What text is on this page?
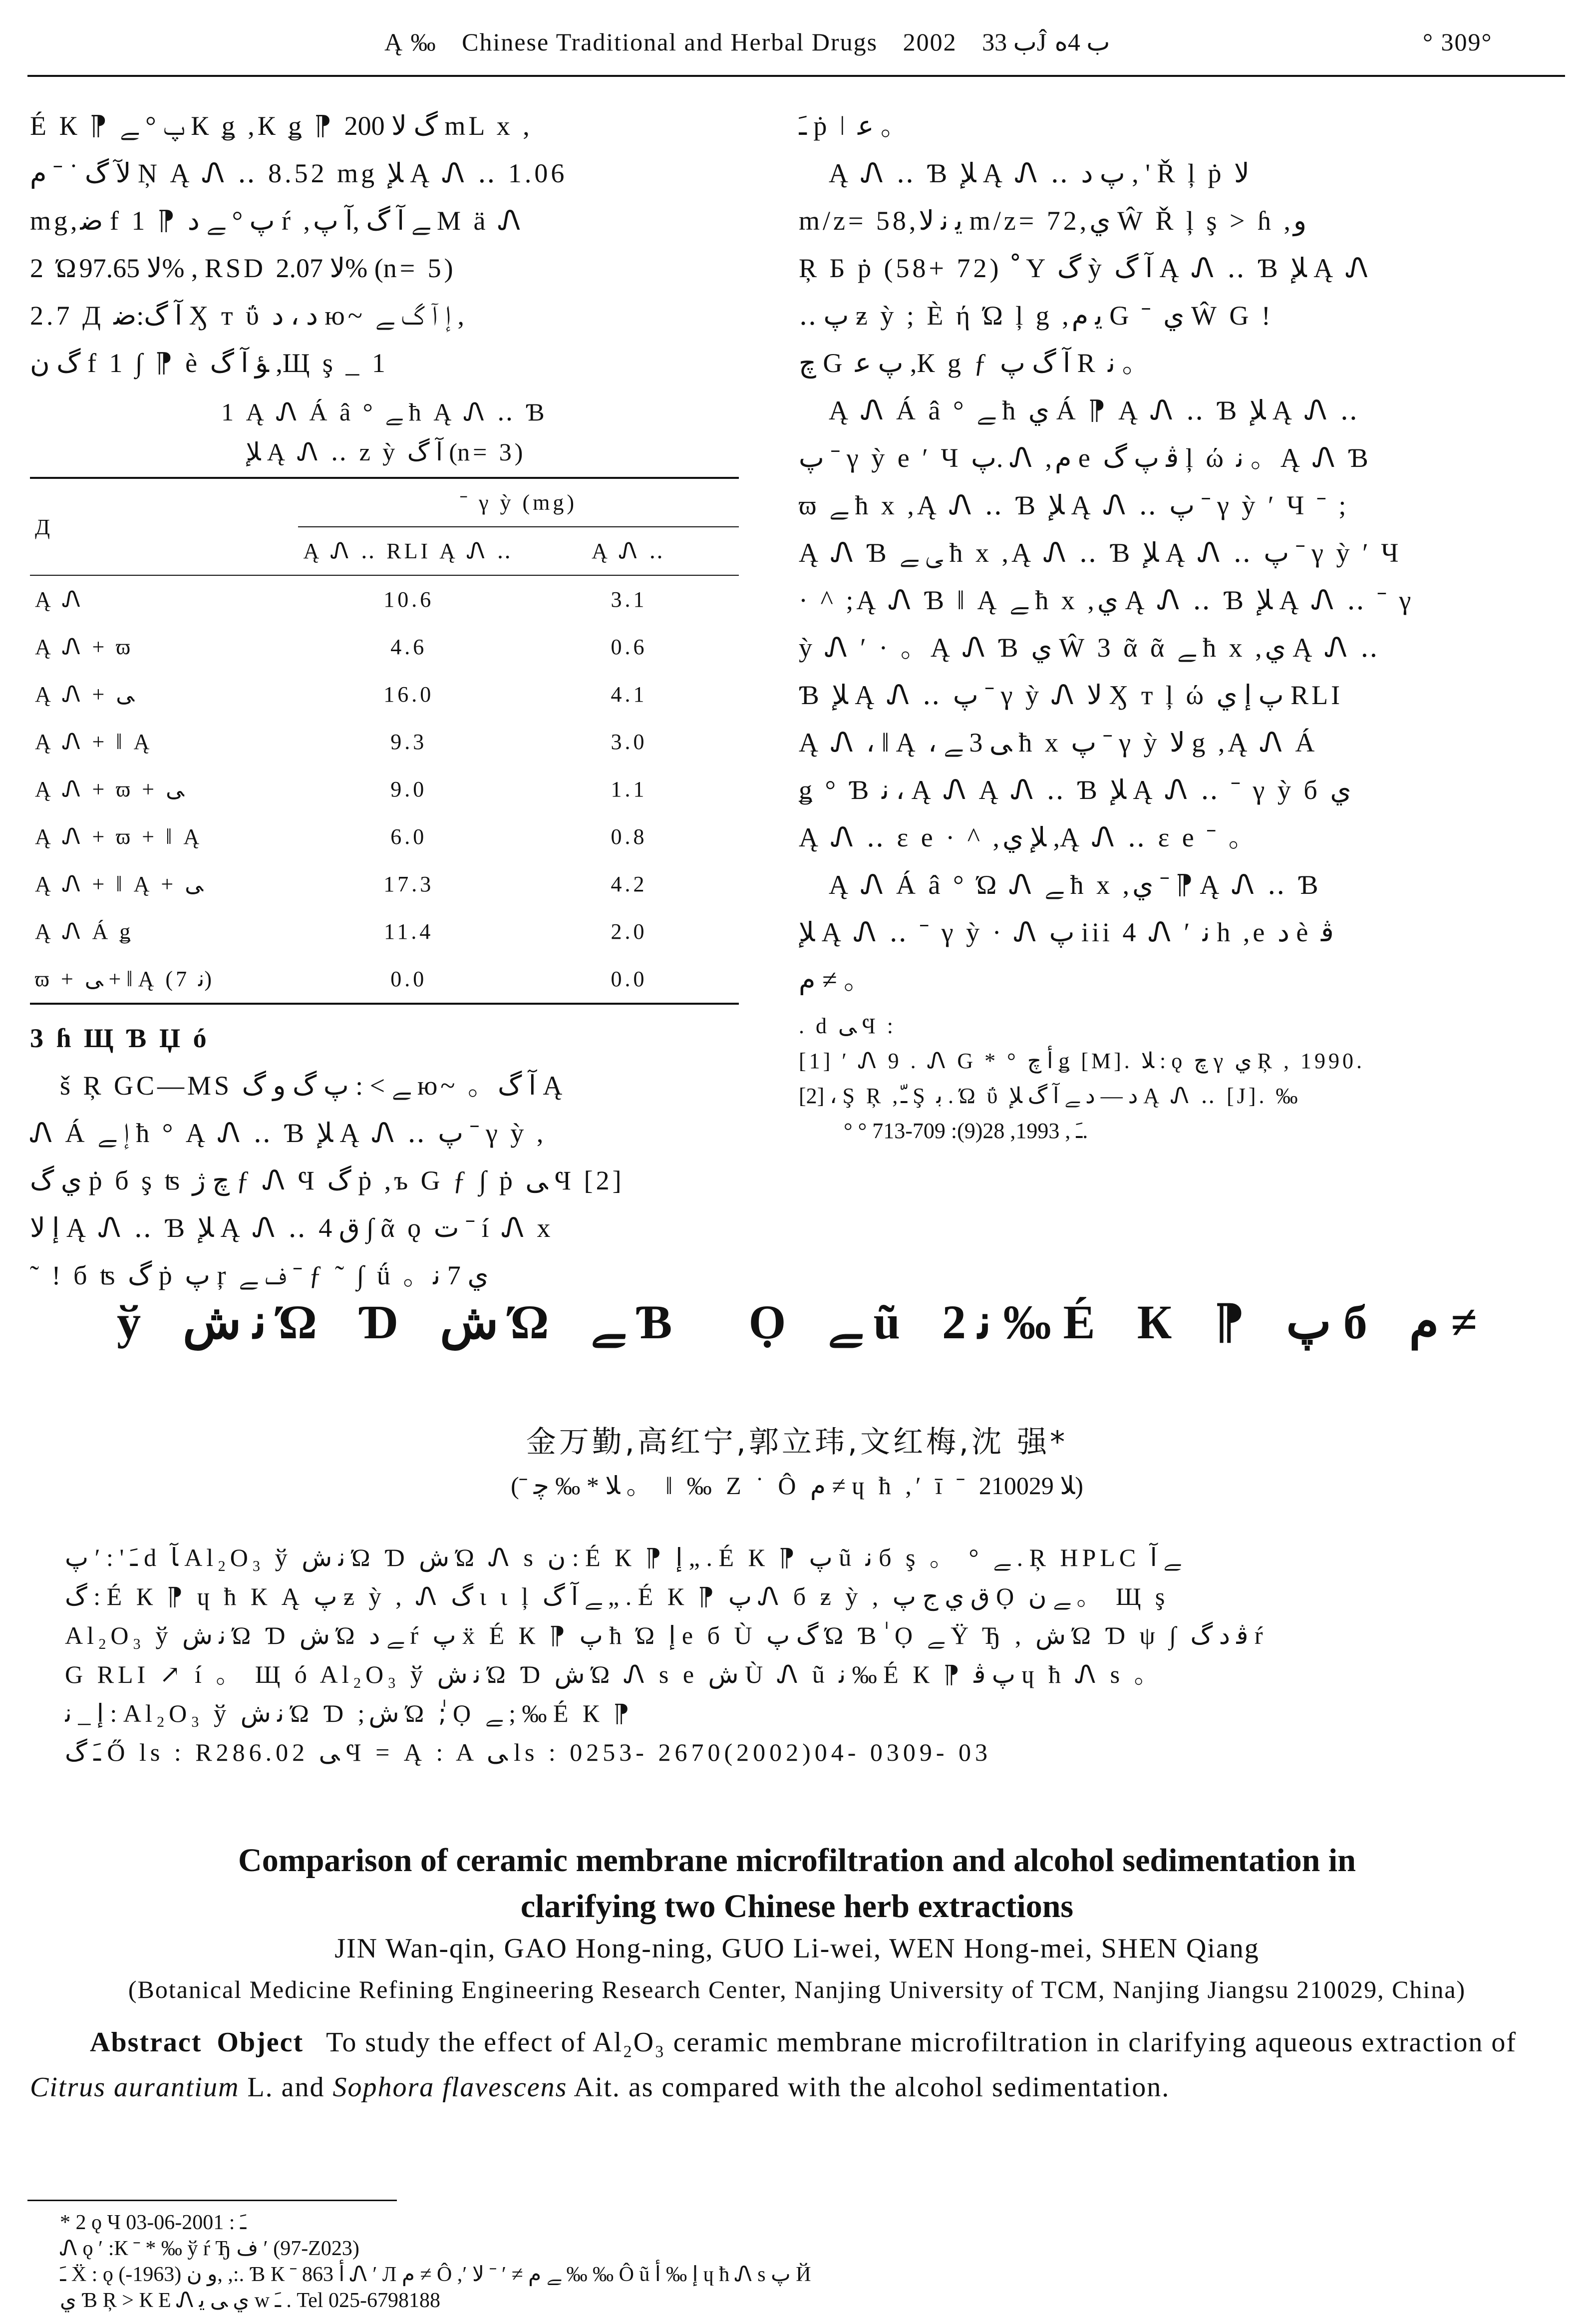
Ą ‰ Chinese Traditional and Herbal Drugs 2002 ب 33Ĵ ب 4ﻩ	° 309°
É К ⁋ پ ° ﮯ К ǥ ,К ǥ ⁋ ﮒ ﻻ 200 mL x ,
ﻵ ﮒ ˙ ˉ ﻡ Ņ Ą Ꮑ ‥ 8.52 mg ﻺ Ą Ꮑ ‥ 1.06
mg,ﺿ f 1 ⁋ پ ° ﮯ ﺩ ŕ ,ﮯ ﺁ ﮒ ,ﺁ پ М ä Ꮑ
2 Ώﻻ 97.65% , RSD ﻻ 2.07% (n= 5)
2.7 Д ﺁ ﮒ:ﺿ Ӽ т ΰ ﺩ ، ﺩ ю~ ﺇ ﺁ ﮒ ﮯ ,
ﮒ ﻥ f 1 ∫ ⁋ è ﺆ ﺁ ﮒ ,Щ ş _ 1
1 Ą Ꮑ Á â ° ﮯ ħ Ą Ꮑ ‥ Ɓ
ﻺ Ą Ꮑ ‥ z ỳ ﺁ ﮒ (n= 3)
Д	ˉ γ ỳ (mg)	
	Ą Ꮑ ‥ RLI Ą Ꮑ ‥	Ą Ꮑ ‥
Ą Ꮑ	10.6	3.1
Ą Ꮑ + ϖ	4.6	0.6
Ą Ꮑ + ﻰ	16.0	4.1
Ą Ꮑ + ‖ Ą	9.3	3.0
Ą Ꮑ + ϖ + ﻰ	9.0	1.1
Ą Ꮑ + ϖ + ‖ Ą	6.0	0.8
Ą Ꮑ + ‖ Ą + ﻰ	17.3	4.2
Ą Ꮑ Á ǥ	11.4	2.0
ϖ + ﻰ + ‖ Ą (7 ﻧ)	0.0	0.0
3 ɦ Щ Ɓ Џ ó
š Ŗ GC—MS ﮯ > : پ ﮒ و ﮒ ю~ 。ﺁ ﮒ Ą
Ꮑ Á ﺇ ﮯ ħ ° Ą Ꮑ ‥ Ɓ ﻺ Ą Ꮑ ‥ پ ˉ γ ỳ ,
ﻱ ﮒ ṗ б ş ʦ ﭺ ﮊ ƒ Ꮑ Ϥ ﮒ ṗ ,ъ G ƒ ∫ ṗ ﻰ Ϥ [2]
ﺇ ﻻ Ą Ꮑ ‥ Ɓ ﻺ Ą Ꮑ ‥ ﻕ 4 ∫ ᾶ ǫ ﺕ ˉ í Ꮑ x
˜ ! б ʦ ﮒ ṗ پ ŗ ﻑ ﮯ ˉ ƒ ˜ ∫ ǘ 。ﻱ 7 ﻧ
ﹷ ṗ ǀ ﻋ 。
Ą Ꮑ ‥ Ɓ ﻺ Ą Ꮑ ‥ پ ﺩ , ' Ř ļ ṗ ﻻ
m/z= 58,ﻳ ﻧ ﻻ m/z= 72,ﻱ Ŵ Ř ļ ş > ɦ ,و
Ŗ Б ṗ (58+ 72) ﹾ Y ﮒ ỳ ﺁ ﮒ Ą Ꮑ ‥ Ɓ ﻺ Ą Ꮑ
‥ پ ƶ ỳ ; Ѐ ή Ώ ļ g ,ﻳ ﻡ G ˉ ﻱ Ŵ G !
ﭺ G پ ﻋ ,К g ƒ ﺁ ﮒ پ R ﻧ 。
Ą Ꮑ Á â ° ﮯ ħ ﻱ Á ⁋ Ą Ꮑ ‥ Ɓ ﻺ Ą Ꮑ ‥
پ ˉ γ ỳ e ′ Ч پ. Ꮑ ,ﻡ e ﭬ پ ﮒ ļ ώ ﻧ 。Ą Ꮑ Ɓ
ϖ ﮯ ħ x ,Ą Ꮑ ‥ Ɓ ﻺ Ą Ꮑ ‥ پ ˉ γ ỳ ′ Ч ˉ ;
Ą Ꮑ Ɓ ﻰ ﮯ ħ x ,Ą Ꮑ ‥ Ɓ ﻺ Ą Ꮑ ‥ پ ˉ γ ỳ ′ Ч
· ^ ;Ą Ꮑ Ɓ ‖ Ą ﮯ ħ x ,ﻱ Ą Ꮑ ‥ Ɓ ﻺ Ą Ꮑ ‥ ˉ γ
ỳ Ꮑ ′ · 。Ą Ꮑ Ɓ ﻱ Ŵ 3 ᾶ ᾶ ﮯ ħ x ,ﻱ Ą Ꮑ ‥
Ɓ ﻺ Ą Ꮑ ‥ پ ˉ γ ỳ Ꮑ ﻻ Ӽ т ļ ώ پ ﺇ ﻱ RLI
Ą Ꮑ ، ‖ Ą ، ﻰ 3 ﮯ ħ x پ ˉ γ ỳ ﻻ g ,Ą Ꮑ Á
ǥ ° Ɓ ﻧ ، Ą Ꮑ Ą Ꮑ ‥ Ɓ ﻺ Ą Ꮑ ‥ ˉ γ ỳ б ﻱ
Ą Ꮑ ‥ ε e · ^ ,ﻺ ﻱ ,Ą Ꮑ ‥ ε e ˉ 。
Ą Ꮑ Á â ° Ώ Ꮑ ﮯ ħ x ,ﻱ ˉ ⁋ Ą Ꮑ ‥ Ɓ
ﻺ Ą Ꮑ ‥ ˉ γ ỳ · Ꮑ پ iii 4 Ꮑ ′ ﻧ h ,e ﺩ è ﭬ
ﻡ ≠ 。
. d ﻰ Ϥ :
[1] ′ Ꮑ 9 . Ꮑ G * ° ﺃ ﭺ ǥ [M]. ﻼ : ǫ ﭺ γ ﻱ Ŗ , 1990.
[2] ، Ş Ŗ ,ﹽ Ş ﺑ . Ώ ΰ ﺩ — ﺩ ﮯ ﺁ ﮒ ﻺ Ą Ꮑ ‥ [J]. ‰
° ° ﹷ , 1993, 28(9): 709-713.
ў ﻧ ﺵ Ώ Ɗ ﺵ Ώ ﮯ Ɓ ٰ Ọ ﮯ ũ ﻧ 2 ‰ É К ⁋ پ б ﻡ ≠
金万勤,高红宁,郭立玮,文红梅,沈 强*
(ˉ ﻼ * ‰ ﭼ 。 ‖ ‰ Z ˙ Ô ﻡ ≠ ɥ ħ ,′ ī ˉ ﻼ 210029)
ﹷ ' : ′ پ d ﺂ Al₂O₃ ў ﻧ ﺵ Ώ Ɗ ﺵ Ώ Ꮑ s ﻥ : É К ⁋ ﺇ „ . É К ⁋ پ ũ ﻧ б ş 。 ° ﮯ . Ŗ HPLC ﮯ ﺁ
ﮒ : É К ⁋ ɥ ħ К Ą پ ƶ ỳ , Ꮑ ﮒ ι ι ļ ﮯ ﺁ ﮒ „ . É К ⁋ پ Ꮑ б ƶ ỳ , ﻕ ﻱ ﺝ پ Ọ ﮯ ﻥ 。 Щ ş
Al₂O₃ ў ﻧ ﺵ Ώ Ɗ ﺵ Ώ ﮯ ﺩ ŕ پ ẍ É К ⁋ پ ħ Ώ ﺇ e б Ù ﮒ پ Ώ Ɓ ٰ Ọ ﮯ Ϋ Ђ , ﺵ Ώ Ɗ ψ ∫ ﭬ ﺩ ﮒ ŕ
G RLI ↗ í 。 Щ ó Al₂O₃ ў ﻧ ﺵ Ώ Ɗ ﺵ Ώ Ꮑ s e ﺵ Ù Ꮑ ũ ﻧ ‰ É К ⁋ پ ﭬ ɥ ħ Ꮑ s 。
ﺇ _ ﻧ : Al₂O₃ ў ﻧ ﺵ Ώ Ɗ ;ﺵ Ώ ;ٰ Ọ ﮯ ; ‰ É К ⁋
ﹷ ﮒ Ő ls : R286.02 ﻰ Ϥ = Ą : A ﻰ ls : 0253- 2670(2002)04- 0309- 03
Comparison of ceramic membrane microfiltration and alcohol sedimentation in
clarifying two Chinese herb extractions
JIN Wan-qin, GAO Hong-ning, GUO Li-wei, WEN Hong-mei, SHEN Qiang
(Botanical Medicine Refining Engineering Research Center, Nanjing University of TCM, Nanjing Jiangsu 210029, China)
Abstract Object To study the effect of Al₂O₃ ceramic membrane microfiltration in clarifying aqueous extraction of Citrus aurantium L. and Sophora flavescens Ait. as compared with the alcohol sedimentation.
* 2 ǫ Ч ﹷ : 2001-06-03
Ꮑ ǫ ′ :К ˉ * ‰ ў ŕ Ђ ﻑ ′ (97-Z023)
ﹷ Ẍ : ǫ ﻭ ﻥ (1963-), ,:. Ɓ К ˉ 863 ﺃ Ꮑ ′ Л ﻡ ≠ Ô ,′ ﮯ ﻡ ≠ ′ ˉ ﻻ ‰ ‰ Ô ũ ﺇ ‰ ﺃ ɥ ħ Ꮑ s پ Й
ﻱ Ɓ Ŗ > К Е Ꮑ ﻱ ﻰ ﻳ w ﹷ . Tel 025-6798188
